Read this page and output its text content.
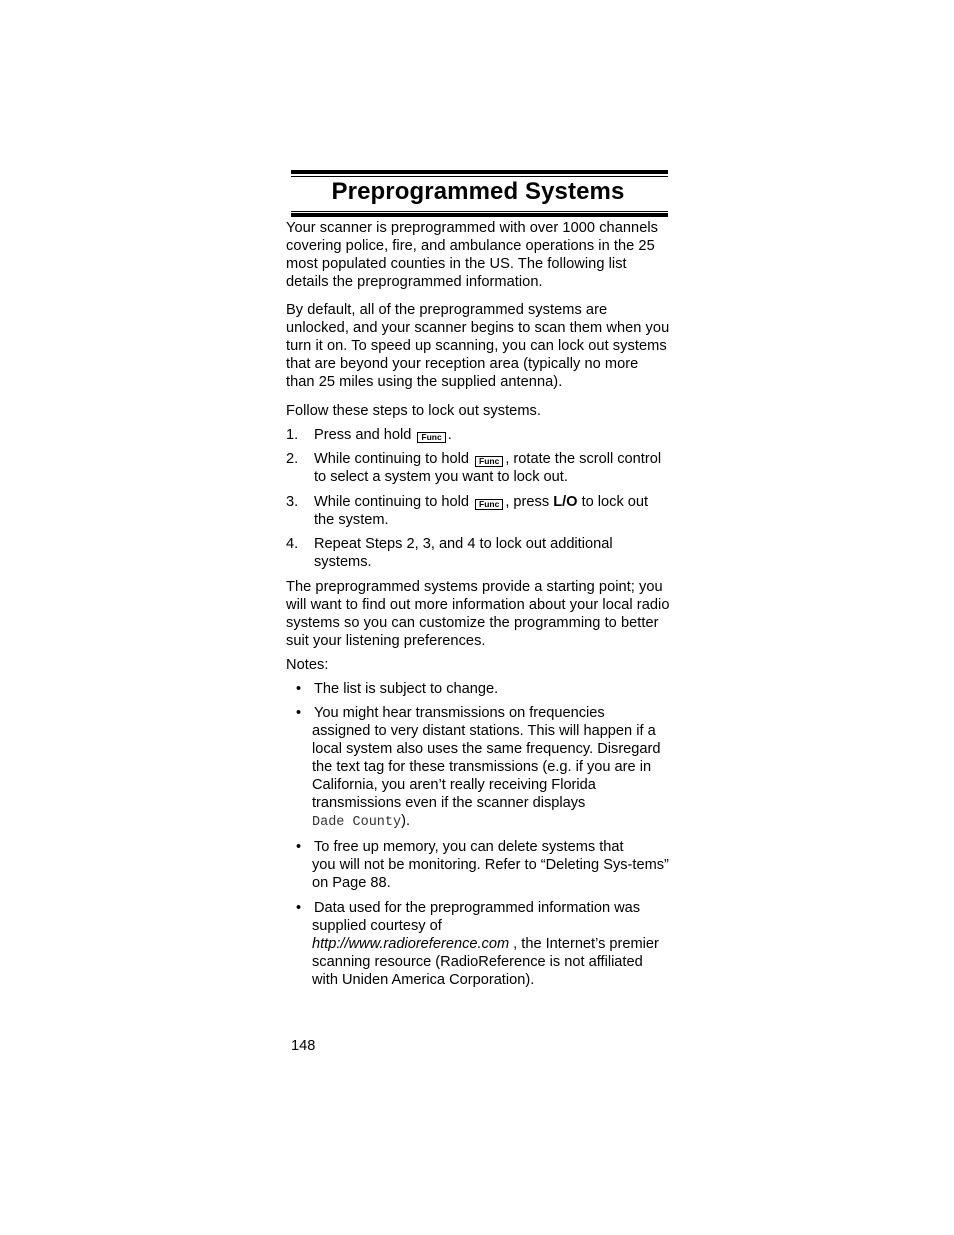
Preprogrammed Systems

Your scanner is preprogrammed with over 1000 channels covering police, fire, and ambulance operations in the 25 most populated counties in the US. The following list details the preprogrammed information.

By default, all of the preprogrammed systems are unlocked, and your scanner begins to scan them when you turn it on. To speed up scanning, you can lock out systems that are beyond your reception area (typically no more than 25 miles using the supplied antenna).

Follow these steps to lock out systems.

1. Press and hold Func .
2. While continuing to hold Func , rotate the scroll control to select a system you want to lock out.
3. While continuing to hold Func , press L/O to lock out the system.
4. Repeat Steps 2, 3, and 4 to lock out additional systems.

The preprogrammed systems provide a starting point; you will want to find out more information about your local radio systems so you can customize the programming to better suit your listening preferences.

Notes:

• The list is subject to change.
• You might hear transmissions on frequencies
assigned to very distant stations. This will happen if a local system also uses the same frequency. Disregard the text tag for these transmissions (e.g. if you are in California, you aren’t really receiving Florida transmissions even if the scanner displays
Dade County).
• To free up memory, you can delete systems that
you will not be monitoring. Refer to “Deleting Sys-tems” on Page 88.
• Data used for the preprogrammed information was
supplied courtesy of
http://www.radioreference.com , the Internet’s premier scanning resource (RadioReference is not affiliated with Uniden America Corporation).
148
